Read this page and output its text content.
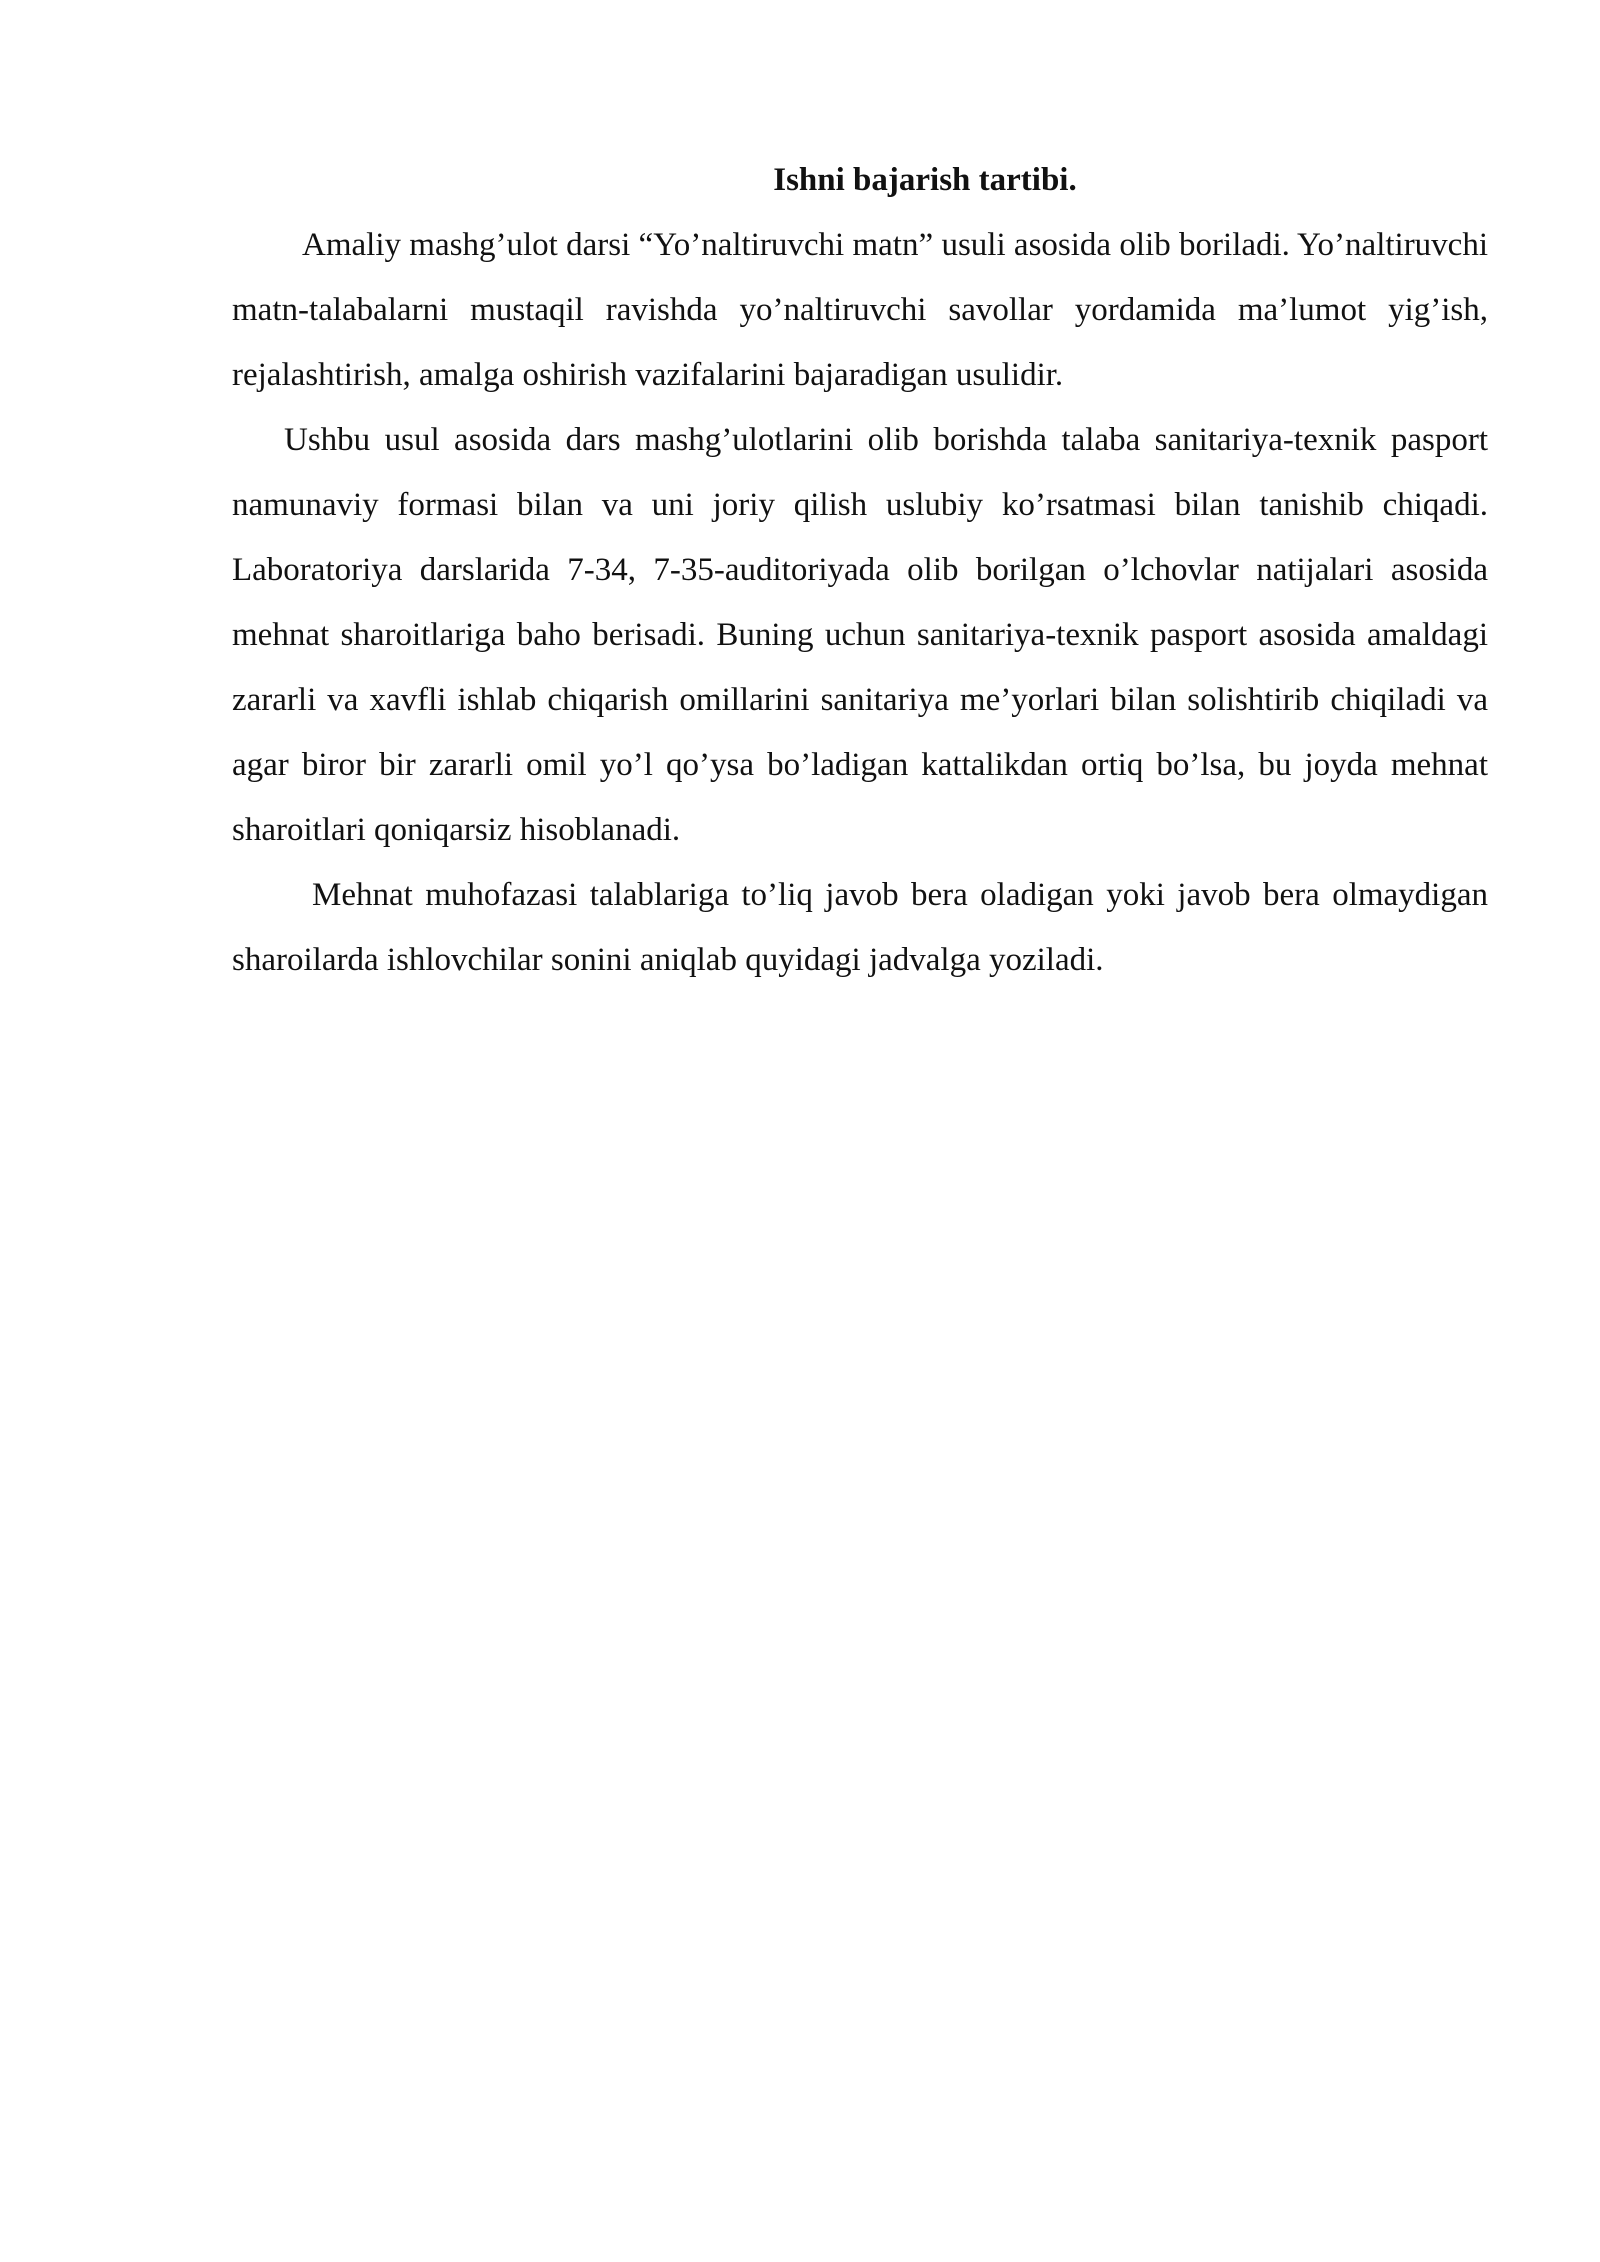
Ishni bajarish tartibi.

Amaliy mashg’ulot darsi “Yo’naltiruvchi matn” usuli asosida olib boriladi. Yo’naltiruvchi matn-talabalarni mustaqil ravishda yo’naltiruvchi savollar yordamida ma’lumot yig’ish, rejalashtirish, amalga oshirish vazifalarini bajaradigan usulidir.

Ushbu usul asosida dars mashg’ulotlarini olib borishda talaba sanitariya-texnik pasport namunaviy formasi bilan va uni joriy qilish uslubiy ko’rsatmasi bilan tanishib chiqadi. Laboratoriya darslarida 7-34, 7-35-auditoriyada olib borilgan o’lchovlar natijalari asosida mehnat sharoitlariga baho berisadi. Buning uchun sanitariya-texnik pasport asosida amaldagi zararli va xavfli ishlab chiqarish omillarini sanitariya me’yorlari bilan solishtirib chiqiladi va agar biror bir zararli omil yo’l qo’ysa bo’ladigan kattalikdan ortiq bo’lsa, bu joyda mehnat sharoitlari qoniqarsiz hisoblanadi.

Mehnat muhofazasi talablariga to’liq javob bera oladigan yoki javob bera olmaydigan sharoilarda ishlovchilar sonini aniqlab quyidagi jadvalga yoziladi.
